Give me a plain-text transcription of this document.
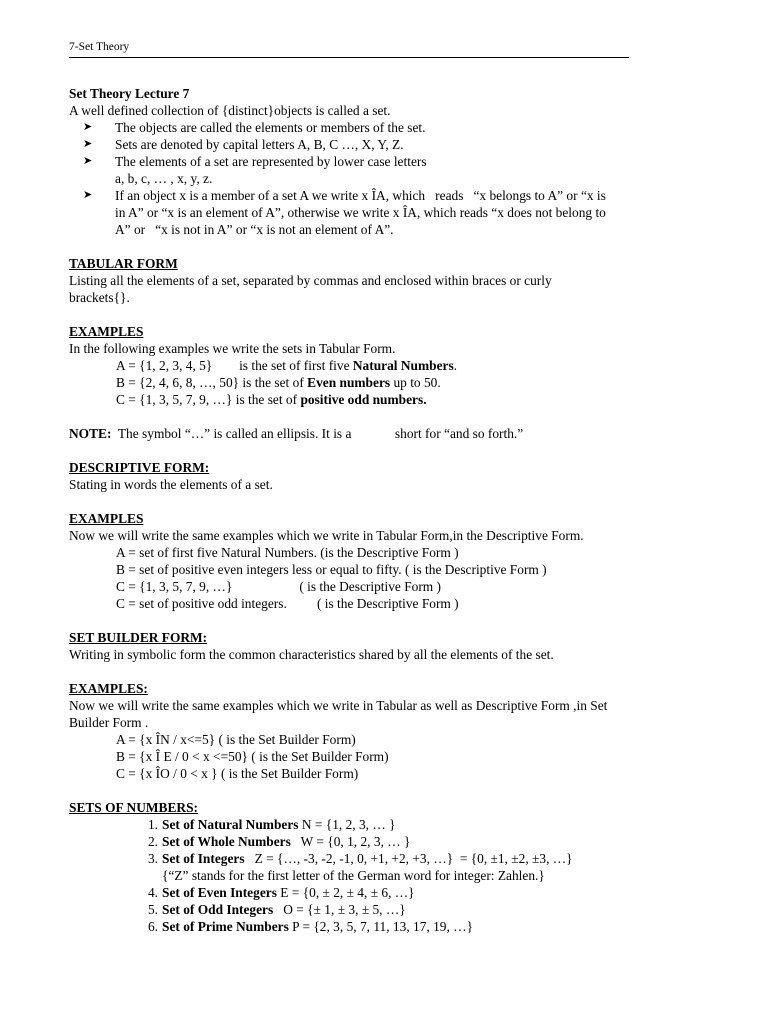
7-Set Theory
Set Theory Lecture 7
A well defined collection of {distinct}objects is called a set.
➤ The objects are called the elements or members of the set.
➤ Sets are denoted by capital letters A, B, C …, X, Y, Z.
➤ The elements of a set are represented by lower case letters
a, b, c, … , x, y, z.
➤ If an object x is a member of a set A we write x ÎA, which   reads   “x belongs to A” or “x is
in A” or “x is an element of A”, otherwise we write x ÎA, which reads “x does not belong to
A” or   “x is not in A” or “x is not an element of A”.
TABULAR FORM
Listing all the elements of a set, separated by commas and enclosed within braces or curly
brackets{}.
EXAMPLES
In the following examples we write the sets in Tabular Form.
A = {1, 2, 3, 4, 5}        is the set of first five Natural Numbers.
B = {2, 4, 6, 8, …, 50} is the set of Even numbers up to 50.
C = {1, 3, 5, 7, 9, …} is the set of positive odd numbers.
NOTE:  The symbol “…” is called an ellipsis. It is a             short for “and so forth.”
DESCRIPTIVE FORM:
Stating in words the elements of a set.
EXAMPLES
Now we will write the same examples which we write in Tabular Form,in the Descriptive Form.
A = set of first five Natural Numbers. (is the Descriptive Form )
B = set of positive even integers less or equal to fifty. ( is the Descriptive Form )
C = {1, 3, 5, 7, 9, …}                    ( is the Descriptive Form )
C = set of positive odd integers.         ( is the Descriptive Form )
SET BUILDER FORM:
Writing in symbolic form the common characteristics shared by all the elements of the set.
EXAMPLES:
Now we will write the same examples which we write in Tabular as well as Descriptive Form ,in Set
Builder Form .
A = {x ÎN / x<=5} ( is the Set Builder Form)
B = {x Î E / 0 < x <=50} ( is the Set Builder Form)
C = {x ÎO / 0 < x } ( is the Set Builder Form)
SETS OF NUMBERS:
1. Set of Natural Numbers N = {1, 2, 3, … }
2. Set of Whole Numbers   W = {0, 1, 2, 3, … }
3. Set of Integers   Z = {…, -3, -2, -1, 0, +1, +2, +3, …}  = {0, ±1, ±2, ±3, …}
{“Z” stands for the first letter of the German word for integer: Zahlen.}
4. Set of Even Integers E = {0, ± 2, ± 4, ± 6, …}
5. Set of Odd Integers   O = {± 1, ± 3, ± 5, …}
6. Set of Prime Numbers P = {2, 3, 5, 7, 11, 13, 17, 19, …}
